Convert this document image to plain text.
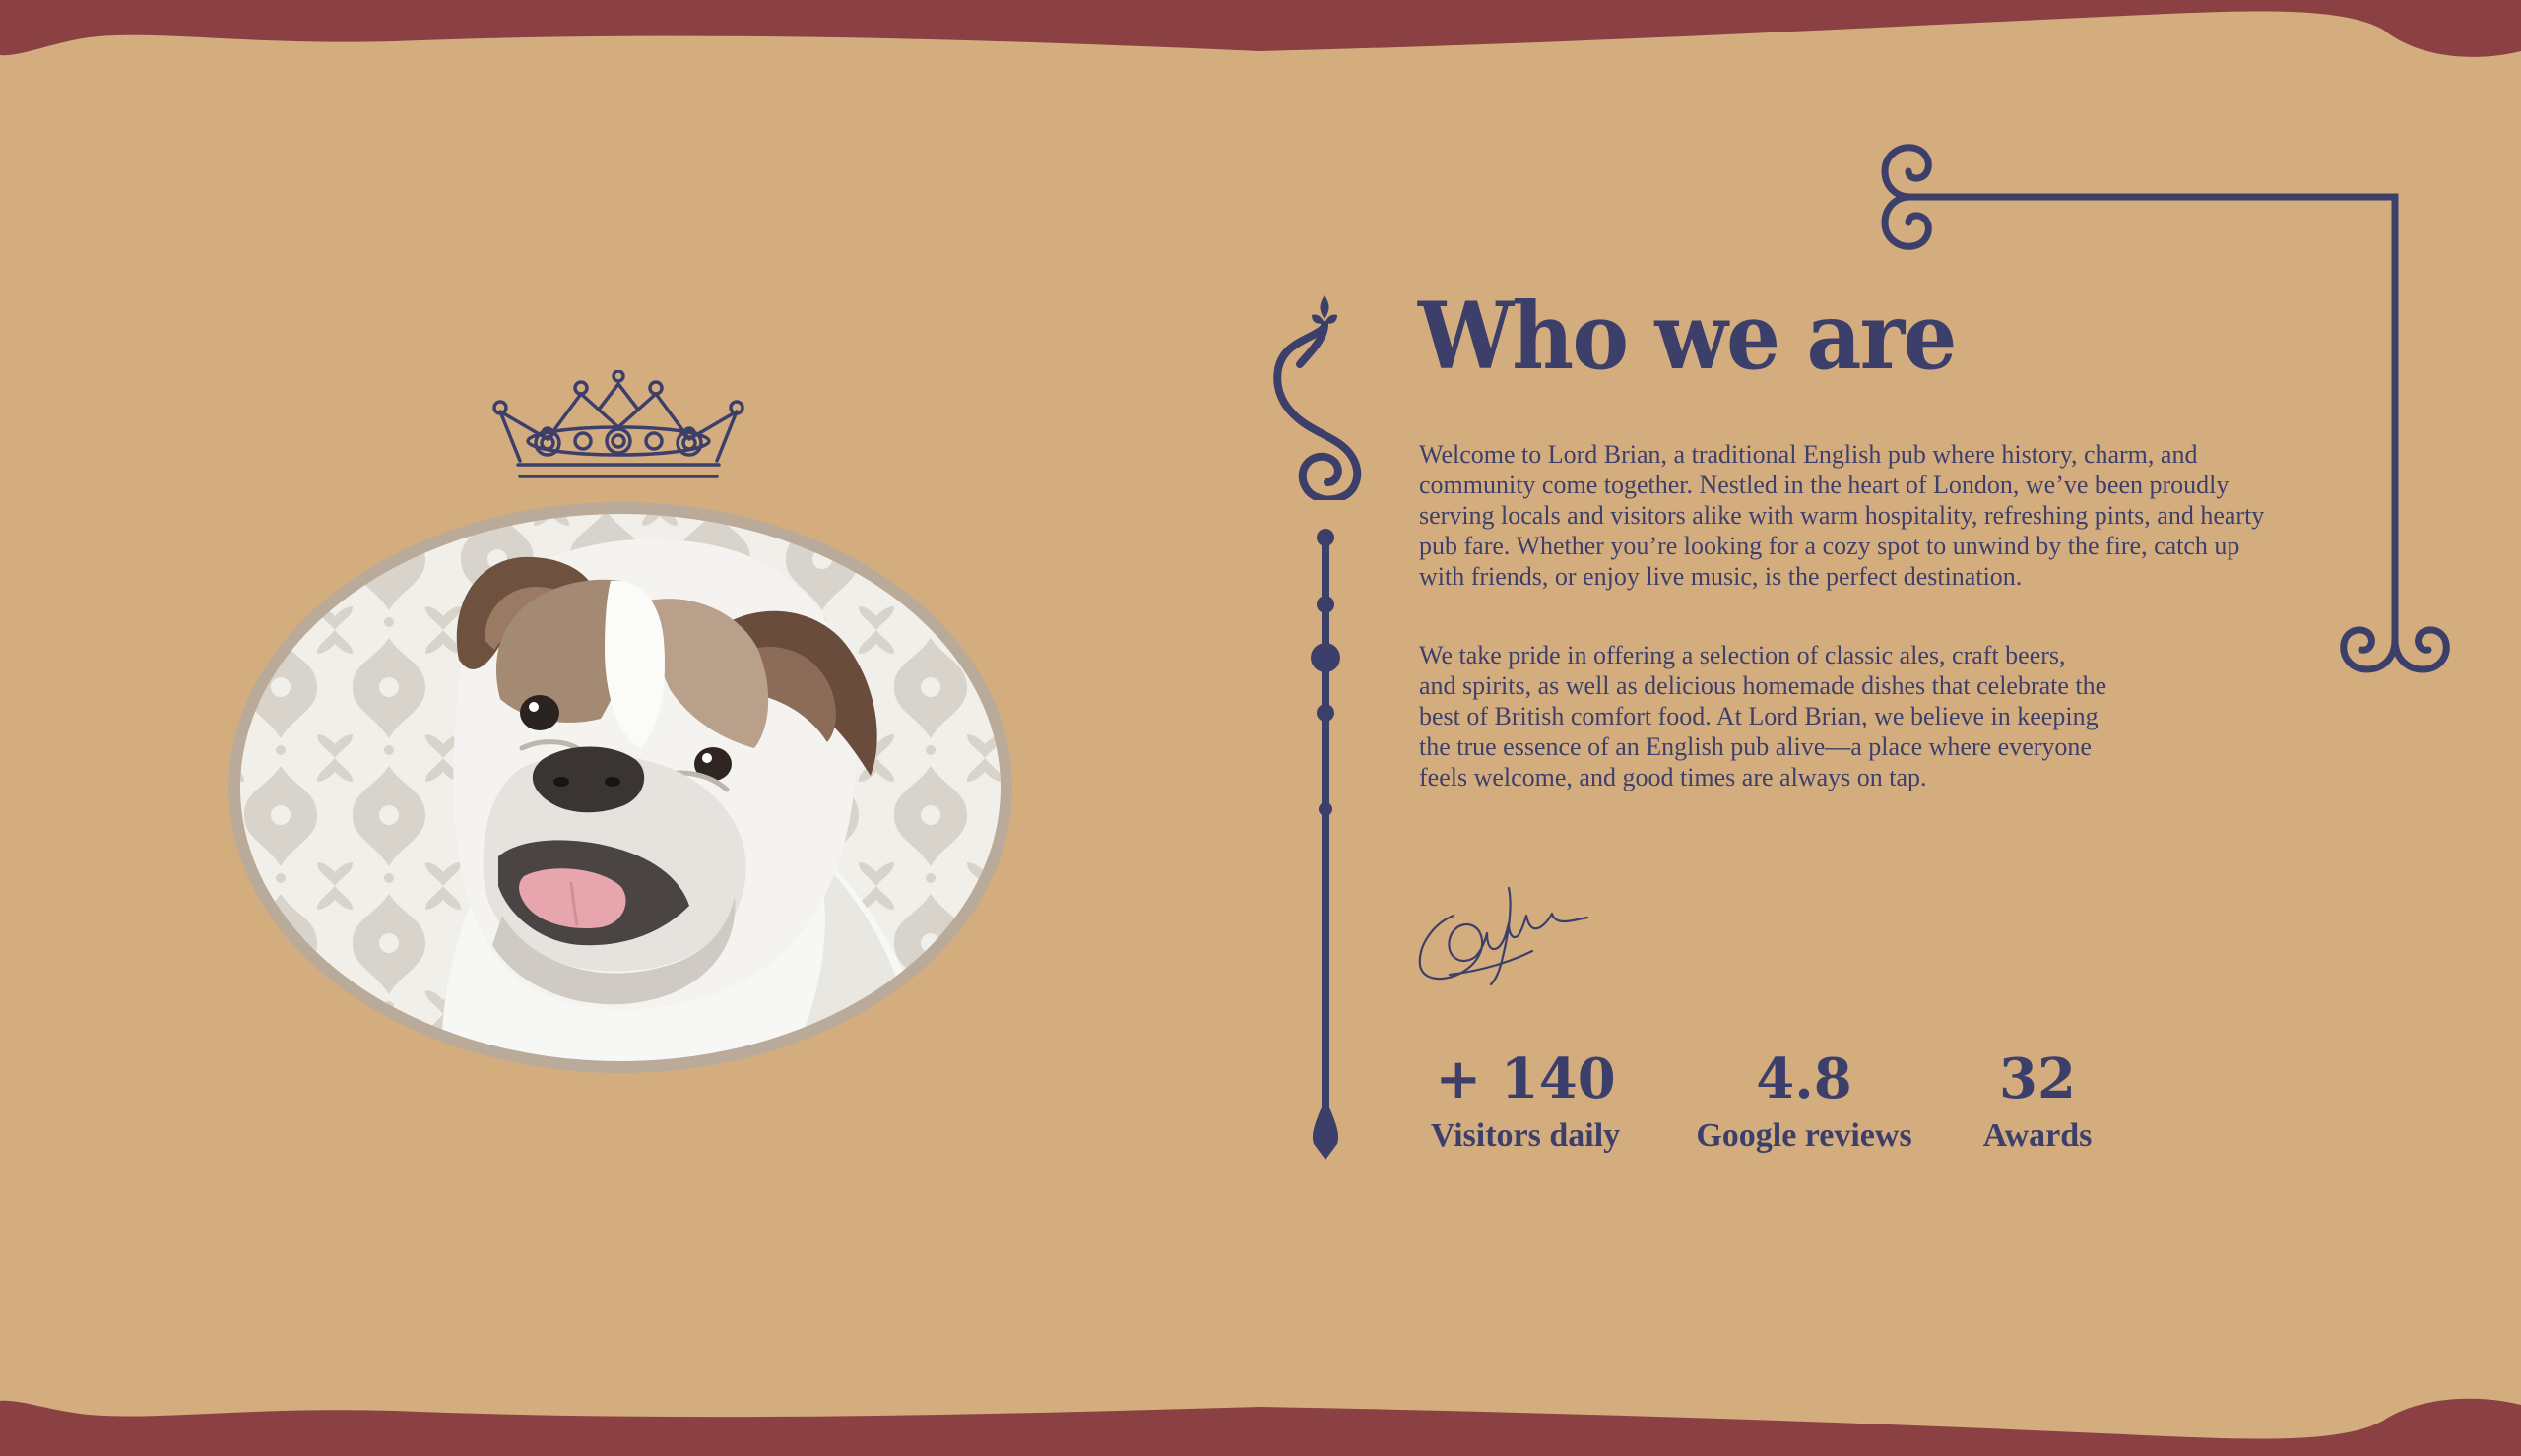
Who we are

Welcome to Lord Brian, a traditional English pub where history, charm, and community come together. Nestled in the heart of London, we’ve been proudly serving locals and visitors alike with warm hospitality, refreshing pints, and hearty pub fare. Whether you’re looking for a cozy spot to unwind by the fire, catch up with friends, or enjoy live music, is the perfect destination.

We take pride in offering a selection of classic ales, craft beers, and spirits, as well as delicious homemade dishes that celebrate the best of British comfort food. At Lord Brian, we believe in keeping the true essence of an English pub alive—a place where everyone feels welcome, and good times are always on tap.

+ 140
Visitors daily
4.8
Google reviews
32
Awards
